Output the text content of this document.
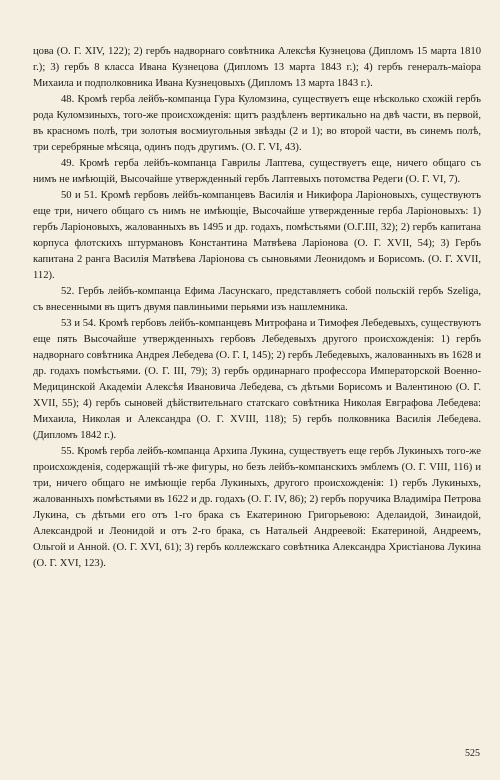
цова (О. Г. XIV, 122); 2) гербъ надворнаго совѣтника Алексѣя Кузнецова (Дипломъ 15 марта 1810 г.); 3) гербъ 8 класса Ивана Кузнецова (Дипломъ 13 марта 1843 г.); 4) гербъ генералъ-маіора Михаила и подполковника Ивана Кузнецовыхъ (Дипломъ 13 марта 1843 г.).

48. Кромѣ герба лейбъ-компанца Гура Куломзина, существуетъ еще нѣсколько схожій гербъ рода Куломзиныхъ, того-же происхожденія: щитъ раздѣленъ вертикально на двѣ части, въ первой, въ красномъ полѣ, три золотыя восмиугольныя звѣзды (2 и 1); во второй части, въ синемъ полѣ, три серебряные мѣсяца, одинъ подъ другимъ. (О. Г. VI, 43).

49. Кромѣ герба лейбъ-компанца Гаврилы Лаптева, существуетъ еще, ничего общаго съ нимъ не имѣющій, Высочайше утвержденный гербъ Лаптевыхъ потомства Редеги (О. Г. VI, 7).

50 и 51. Кромѣ гербовъ лейбъ-компанцевъ Василія и Никифора Ларіоновыхъ, существуютъ еще три, ничего общаго съ нимъ не имѣющіе, Высочайше утвержденные герба Ларіоновыхъ: 1) гербъ Ларіоновыхъ, жалованныхъ въ 1495 и др. годахъ, помѣстьями (О.Г.III, 32); 2) гербъ капитана корпуса флотскихъ штурмановъ Константина Матвѣева Ларіонова (О. Г. XVII, 54); 3) Гербъ капитана 2 ранга Василія Матвѣева Ларіонова съ сыновьями Леонидомъ и Борисомъ. (О. Г. XVII, 112).

52. Гербъ лейбъ-компанца Ефима Ласунскаго, представляетъ собой польскій гербъ Szeliga, съ внесенными въ щитъ двумя павлиньими перьями изъ нашлемника.

53 и 54. Кромѣ гербовъ лейбъ-компанцевъ Митрофана и Тимофея Лебедевыхъ, существуютъ еще пять Высочайше утвержденныхъ гербовъ Лебедевыхъ другого происхожденія: 1) гербъ надворнаго совѣтника Андрея Лебедева (О. Г. I, 145); 2) гербъ Лебедевыхъ, жалованныхъ въ 1628 и др. годахъ помѣстьями. (О. Г. III, 79); 3) гербъ ординарнаго профессора Императорской Военно-Медицинской Академіи Алексѣя Ивановича Лебедева, съ дѣтьми Борисомъ и Валентиною (О. Г. XVII, 55); 4) гербъ сыновей дѣйствительнаго статскаго совѣтника Николая Евграфова Лебедева: Михаила, Николая и Александра (О. Г. XVIII, 118); 5) гербъ полковника Василія Лебедева. (Дипломъ 1842 г.).

55. Кромѣ герба лейбъ-компанца Архипа Лукина, существуетъ еще гербъ Лукиныхъ того-же происхожденія, содержащій тѣ-же фигуры, но безъ лейбъ-компанскихъ эмблемъ (О. Г. VIII, 116) и три, ничего общаго не имѣющіе герба Лукиныхъ, другого происхожденія: 1) гербъ Лукиныхъ, жалованныхъ помѣстьями въ 1622 и др. годахъ (О. Г. IV, 86); 2) гербъ поручика Владиміра Петрова Лукина, съ дѣтьми его отъ 1-го брака съ Екатериною Григорьевою: Аделаидой, Зинаидой, Александрой и Леонидой и отъ 2-го брака, съ Натальей Андреевой: Екатериной, Андреемъ, Ольгой и Анной. (О. Г. XVI, 61); 3) гербъ коллежскаго совѣтника Александра Христіанова Лукина (О. Г. XVI, 123).

525
